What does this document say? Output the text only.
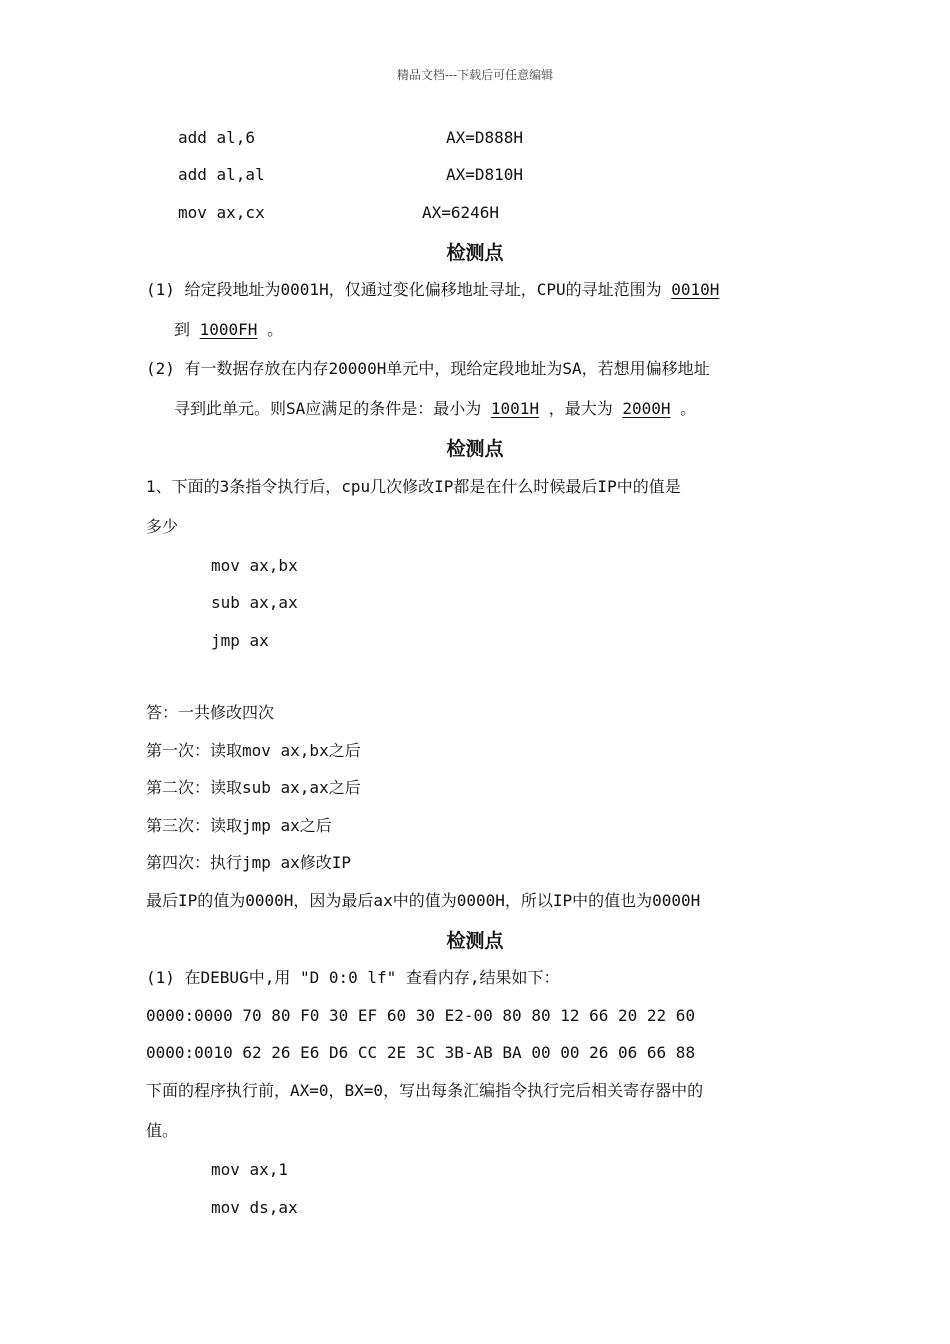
精品文档---下载后可任意编辑
add al,6	AX=D888H
add al,al	AX=D810H
mov ax,cx	AX=6246H
检测点
(1) 给定段地址为0001H，仅通过变化偏移地址寻址，CPU的寻址范围为 0010H
到 1000FH 。
(2) 有一数据存放在内存20000H单元中，现给定段地址为SA，若想用偏移地址
寻到此单元。则SA应满足的条件是：最小为 1001H ，最大为 2000H 。
检测点
1、下面的3条指令执行后，cpu几次修改IP都是在什么时候最后IP中的值是
多少
mov ax,bx
sub ax,ax
jmp ax
答：一共修改四次
第一次：读取mov ax,bx之后
第二次：读取sub ax,ax之后
第三次：读取jmp ax之后
第四次：执行jmp ax修改IP
最后IP的值为0000H，因为最后ax中的值为0000H，所以IP中的值也为0000H
检测点
(1) 在DEBUG中,用 "D 0:0 lf" 查看内存,结果如下：
0000:0000 70 80 F0 30 EF 60 30 E2-00 80 80 12 66 20 22 60
0000:0010 62 26 E6 D6 CC 2E 3C 3B-AB BA 00 00 26 06 66 88
下面的程序执行前，AX=0，BX=0，写出每条汇编指令执行完后相关寄存器中的
值。
mov ax,1
mov ds,ax
